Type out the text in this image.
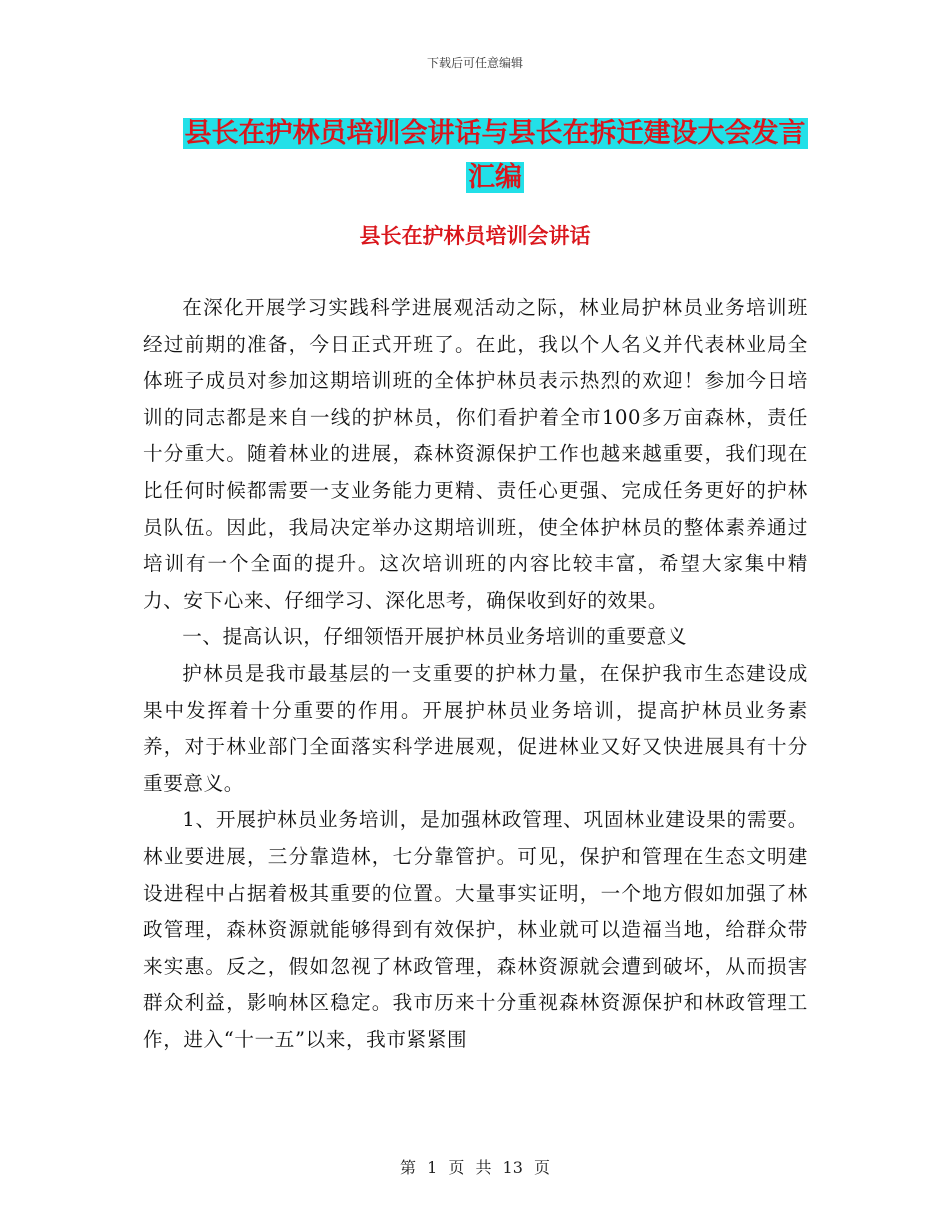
下载后可任意编辑
县长在护林员培训会讲话与县长在拆迁建设大会发言
汇编
县长在护林员培训会讲话

在深化开展学习实践科学进展观活动之际，林业局护林员业务培训班经过前期的准备，今日正式开班了。在此，我以个人名义并代表林业局全体班子成员对参加这期培训班的全体护林员表示热烈的欢迎！参加今日培训的同志都是来自一线的护林员，你们看护着全市100多万亩森林，责任十分重大。随着林业的进展，森林资源保护工作也越来越重要，我们现在比任何时候都需要一支业务能力更精、责任心更强、完成任务更好的护林员队伍。因此，我局决定举办这期培训班，使全体护林员的整体素养通过培训有一个全面的提升。这次培训班的内容比较丰富，希望大家集中精力、安下心来、仔细学习、深化思考，确保收到好的效果。

一、提高认识，仔细领悟开展护林员业务培训的重要意义

护林员是我市最基层的一支重要的护林力量，在保护我市生态建设成果中发挥着十分重要的作用。开展护林员业务培训，提高护林员业务素养，对于林业部门全面落实科学进展观，促进林业又好又快进展具有十分重要意义。

1、开展护林员业务培训，是加强林政管理、巩固林业建设果的需要。林业要进展，三分靠造林，七分靠管护。可见，保护和管理在生态文明建设进程中占据着极其重要的位置。大量事实证明，一个地方假如加强了林政管理，森林资源就能够得到有效保护，林业就可以造福当地，给群众带来实惠。反之，假如忽视了林政管理，森林资源就会遭到破坏，从而损害群众利益，影响林区稳定。我市历来十分重视森林资源保护和林政管理工作，进入“十一五”以来，我市紧紧围

第 1 页 共 13 页
